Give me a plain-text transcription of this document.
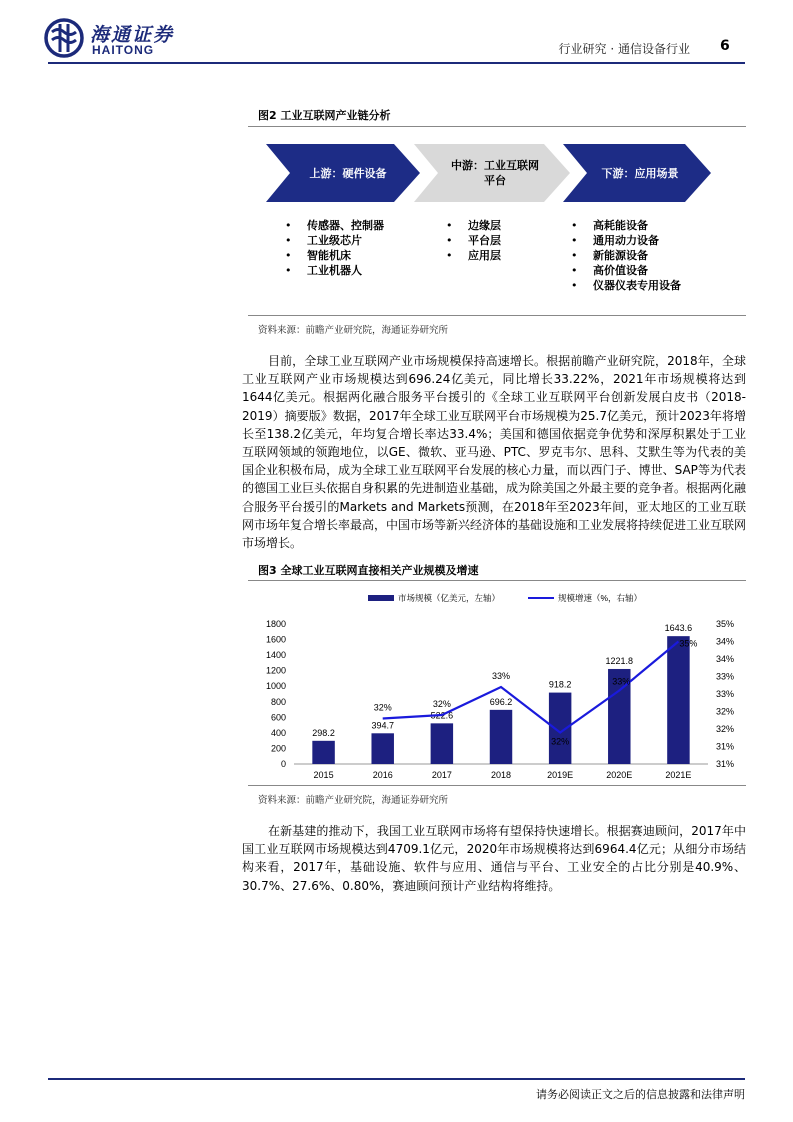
海通证券
HAITONG	行业研究 · 通信设备行业 6
图2 工业互联网产业链分析
上游：硬件设备
中游：工业互联网
平台
下游：应用场景
• 传感器、控制器
• 工业级芯片
• 智能机床
• 工业机器人
• 边缘层
• 平台层
• 应用层
• 高耗能设备
• 通用动力设备
• 新能源设备
• 高价值设备
• 仪器仪表专用设备
资料来源：前瞻产业研究院，海通证券研究所

目前，全球工业互联网产业市场规模保持高速增长。根据前瞻产业研究院，2018年，全球工业互联网产业市场规模达到696.24亿美元，同比增长33.22%，2021年市场规模将达到1644亿美元。根据两化融合服务平台援引的《全球工业互联网平台创新发展白皮书（2018-2019）摘要版》数据，2017年全球工业互联网平台市场规模为25.7亿美元，预计2023年将增长至138.2亿美元，年均复合增长率达33.4%；美国和德国依据竞争优势和深厚积累处于工业互联网领域的领跑地位，以GE、微软、亚马逊、PTC、罗克韦尔、思科、艾默生等为代表的美国企业积极布局，成为全球工业互联网平台发展的核心力量，而以西门子、博世、SAP等为代表的德国工业巨头依据自身积累的先进制造业基础，成为除美国之外最主要的竞争者。根据两化融合服务平台援引的Markets and Markets预测，在2018年至2023年间，亚太地区的工业互联网市场年复合增长率最高，中国市场等新兴经济体的基础设施和工业发展将持续促进工业互联网市场增长。

图3 全球工业互联网直接相关产业规模及增速
市场规模（亿美元，左轴）	规模增速（%，右轴）
0
200
400
600
800
1000
1200
1400
1600
1800
31%
31%
32%
32%
33%
33%
34%
34%
35%
298.2
394.7
522.6
696.2
918.2
1221.8
1643.6
2015	2016	2017	2018	2019E	2020E	2021E
32%	32%
33%
32%
33%
35%
资料来源：前瞻产业研究院，海通证券研究所

在新基建的推动下，我国工业互联网市场将有望保持快速增长。根据赛迪顾问，2017年中国工业互联网市场规模达到4709.1亿元，2020年市场规模将达到6964.4亿元；从细分市场结构来看，2017年，基础设施、软件与应用、通信与平台、工业安全的占比分别是40.9%、30.7%、27.6%、0.80%，赛迪顾问预计产业结构将维持。

请务必阅读正文之后的信息披露和法律声明
